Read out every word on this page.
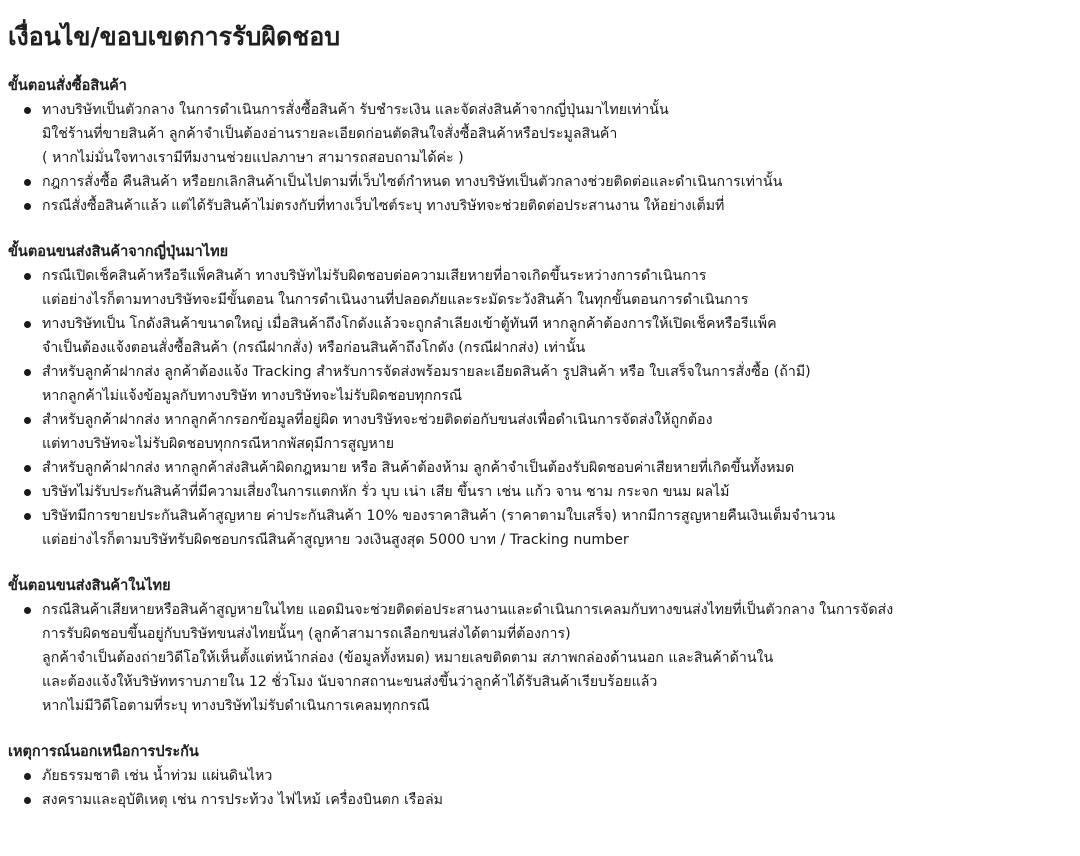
เงื่อนไข/ขอบเขตการรับผิดชอบ
ขั้นตอนสั่งซื้อสินค้า
ทางบริษัทเป็นตัวกลาง ในการดำเนินการสั่งซื้อสินค้า รับชำระเงิน และจัดส่งสินค้าจากญี่ปุ่นมาไทยเท่านั้น
มิใช่ร้านที่ขายสินค้า ลูกค้าจำเป็นต้องอ่านรายละเอียดก่อนตัดสินใจสั่งซื้อสินค้าหรือประมูลสินค้า
( หากไม่มั่นใจทางเรามีทีมงานช่วยแปลภาษา สามารถสอบถามได้ค่ะ )
กฎการสั่งซื้อ คืนสินค้า หรือยกเลิกสินค้าเป็นไปตามที่เว็บไซต์กำหนด ทางบริษัทเป็นตัวกลางช่วยติดต่อและดำเนินการเท่านั้น
กรณีสั่งซื้อสินค้าแล้ว แต่ได้รับสินค้าไม่ตรงกับที่ทางเว็บไซต์ระบุ ทางบริษัทจะช่วยติดต่อประสานงาน ให้อย่างเต็มที่
ขั้นตอนขนส่งสินค้าจากญี่ปุ่นมาไทย
กรณีเปิดเช็คสินค้าหรือรีแพ็คสินค้า ทางบริษัทไม่รับผิดชอบต่อความเสียหายที่อาจเกิดขึ้นระหว่างการดำเนินการ
แต่อย่างไรก็ตามทางบริษัทจะมีขั้นตอน ในการดำเนินงานที่ปลอดภัยและระมัดระวังสินค้า ในทุกขั้นตอนการดำเนินการ
ทางบริษัทเป็น โกดังสินค้าขนาดใหญ่ เมื่อสินค้าถึงโกดังแล้วจะถูกลำเลียงเข้าตู้ทันที หากลูกค้าต้องการให้เปิดเช็คหรือรีแพ็ค
จำเป็นต้องแจ้งตอนสั่งซื้อสินค้า (กรณีฝากสั่ง) หรือก่อนสินค้าถึงโกดัง (กรณีฝากส่ง) เท่านั้น
สำหรับลูกค้าฝากส่ง ลูกค้าต้องแจ้ง Tracking สำหรับการจัดส่งพร้อมรายละเอียดสินค้า รูปสินค้า หรือ ใบเสร็จในการสั่งซื้อ (ถ้ามี)
หากลูกค้าไม่แจ้งข้อมูลกับทางบริษัท ทางบริษัทจะไม่รับผิดชอบทุกกรณี
สำหรับลูกค้าฝากส่ง หากลูกค้ากรอกข้อมูลที่อยู่ผิด ทางบริษัทจะช่วยติดต่อกับขนส่งเพื่อดำเนินการจัดส่งให้ถูกต้อง
แต่ทางบริษัทจะไม่รับผิดชอบทุกกรณีหากพัสดุมีการสูญหาย
สำหรับลูกค้าฝากส่ง หากลูกค้าส่งสินค้าผิดกฎหมาย หรือ สินค้าต้องห้าม ลูกค้าจำเป็นต้องรับผิดชอบค่าเสียหายที่เกิดขึ้นทั้งหมด
บริษัทไม่รับประกันสินค้าที่มีความเสี่ยงในการแตกหัก รั่ว บุบ เน่า เสีย ขึ้นรา เช่น แก้ว จาน ชาม กระจก ขนม ผลไม้
บริษัทมีการขายประกันสินค้าสูญหาย ค่าประกันสินค้า 10% ของราคาสินค้า (ราคาตามใบเสร็จ) หากมีการสูญหายคืนเงินเต็มจำนวน
แต่อย่างไรก็ตามบริษัทรับผิดชอบกรณีสินค้าสูญหาย วงเงินสูงสุด 5000 บาท / Tracking number
ขั้นตอนขนส่งสินค้าในไทย
กรณีสินค้าเสียหายหรือสินค้าสูญหายในไทย แอดมินจะช่วยติดต่อประสานงานและดำเนินการเคลมกับทางขนส่งไทยที่เป็นตัวกลาง ในการจัดส่ง
การรับผิดชอบขึ้นอยู่กับบริษัทขนส่งไทยนั้นๆ (ลูกค้าสามารถเลือกขนส่งได้ตามที่ต้องการ)
ลูกค้าจำเป็นต้องถ่ายวิดีโอให้เห็นตั้งแต่หน้ากล่อง (ข้อมูลทั้งหมด) หมายเลขติดตาม สภาพกล่องด้านนอก และสินค้าด้านใน
และต้องแจ้งให้บริษัททราบภายใน 12 ชั่วโมง นับจากสถานะขนส่งขึ้นว่าลูกค้าได้รับสินค้าเรียบร้อยแล้ว
หากไม่มีวิดีโอตามที่ระบุ ทางบริษัทไม่รับดำเนินการเคลมทุกกรณี
เหตุการณ์นอกเหนือการประกัน
ภัยธรรมชาติ เช่น น้ำท่วม แผ่นดินไหว
สงครามและอุบัติเหตุ เช่น การประท้วง ไฟไหม้ เครื่องบินตก เรือล่ม
